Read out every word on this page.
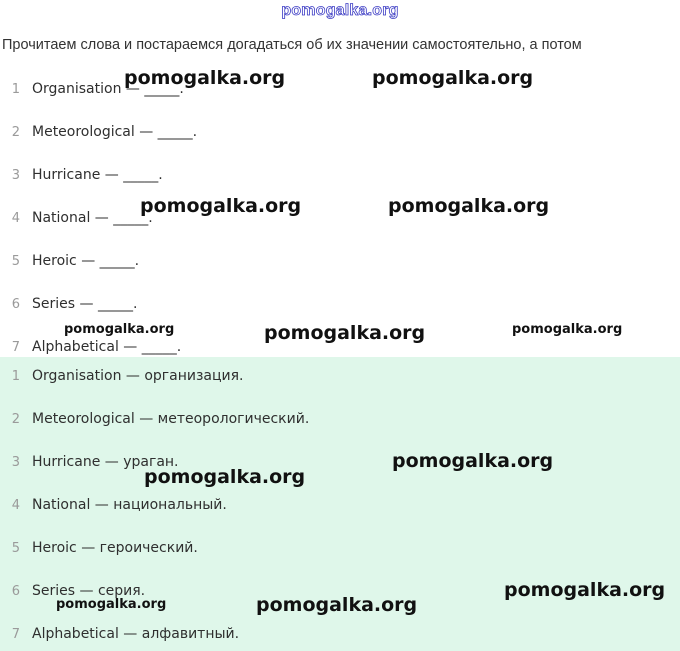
pomogalka.org
Прочитаем слова и постараемся догадаться об их значении самостоятельно, а потом
1 Organisation — _____.
2 Meteorological — _____.
3 Hurricane — _____.
4 National — _____.
5 Heroic — _____.
6 Series — _____.
7 Alphabetical — _____.
1 Organisation — организация.
2 Meteorological — метеорологический.
3 Hurricane — ураган.
4 National — национальный.
5 Heroic — героический.
6 Series — серия.
7 Alphabetical — алфавитный.
pomogalka.org	pomogalka.org
pomogalka.org	pomogalka.org
pomogalka.org	pomogalka.org	pomogalka.org
pomogalka.org
pomogalka.org
pomogalka.org
pomogalka.org	pomogalka.org
